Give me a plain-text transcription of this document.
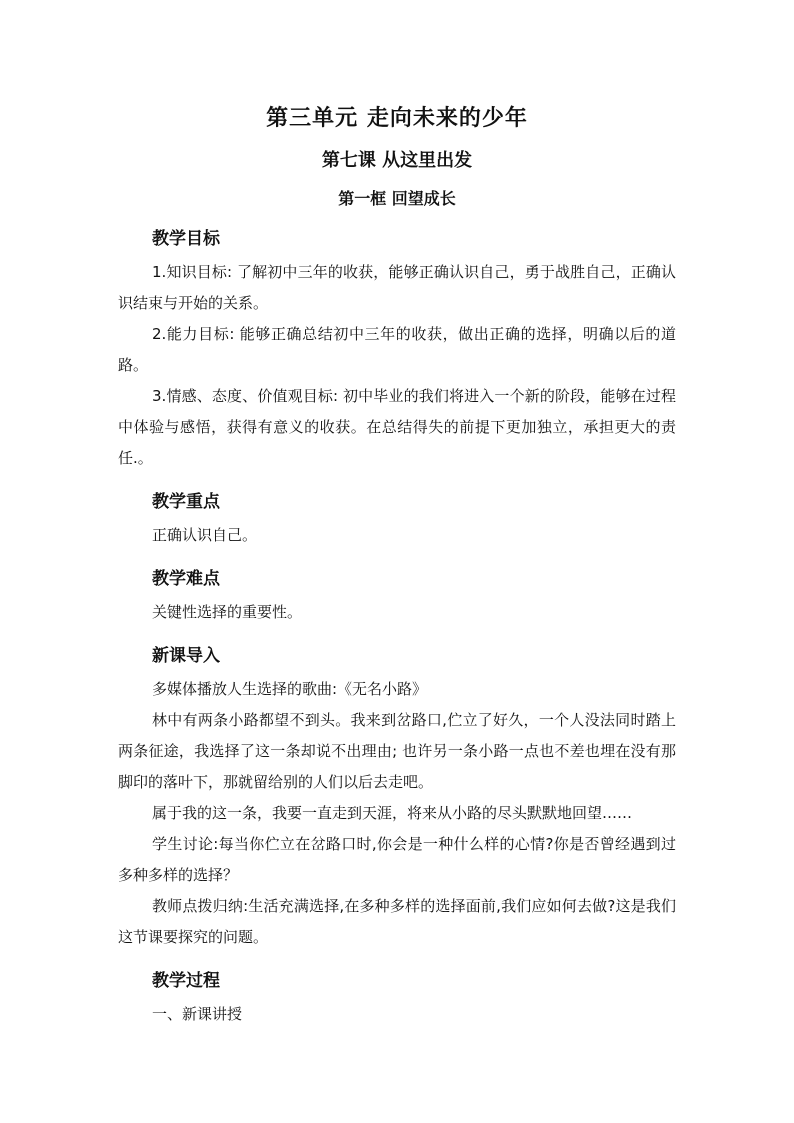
第三单元 走向未来的少年
第七课 从这里出发
第一框 回望成长
教学目标

1.知识目标: 了解初中三年的收获，能够正确认识自己，勇于战胜自己，正确认识结束与开始的关系。

2.能力目标: 能够正确总结初中三年的收获，做出正确的选择，明确以后的道路。

3.情感、态度、价值观目标: 初中毕业的我们将进入一个新的阶段，能够在过程中体验与感悟，获得有意义的收获。在总结得失的前提下更加独立，承担更大的责任.。

教学重点

正确认识自己。

教学难点

关键性选择的重要性。

新课导入

多媒体播放人生选择的歌曲:《无名小路》

林中有两条小路都望不到头。我来到岔路口,伫立了好久，一个人没法同时踏上两条征途，我选择了这一条却说不出理由; 也许另一条小路一点也不差也埋在没有那脚印的落叶下，那就留给别的人们以后去走吧。

属于我的这一条，我要一直走到天涯，将来从小路的尽头默默地回望……

学生讨论:每当你伫立在岔路口时,你会是一种什么样的心情?你是否曾经遇到过多种多样的选择？

教师点拨归纳:生活充满选择,在多种多样的选择面前,我们应如何去做?这是我们这节课要探究的问题。

教学过程

一、新课讲授
